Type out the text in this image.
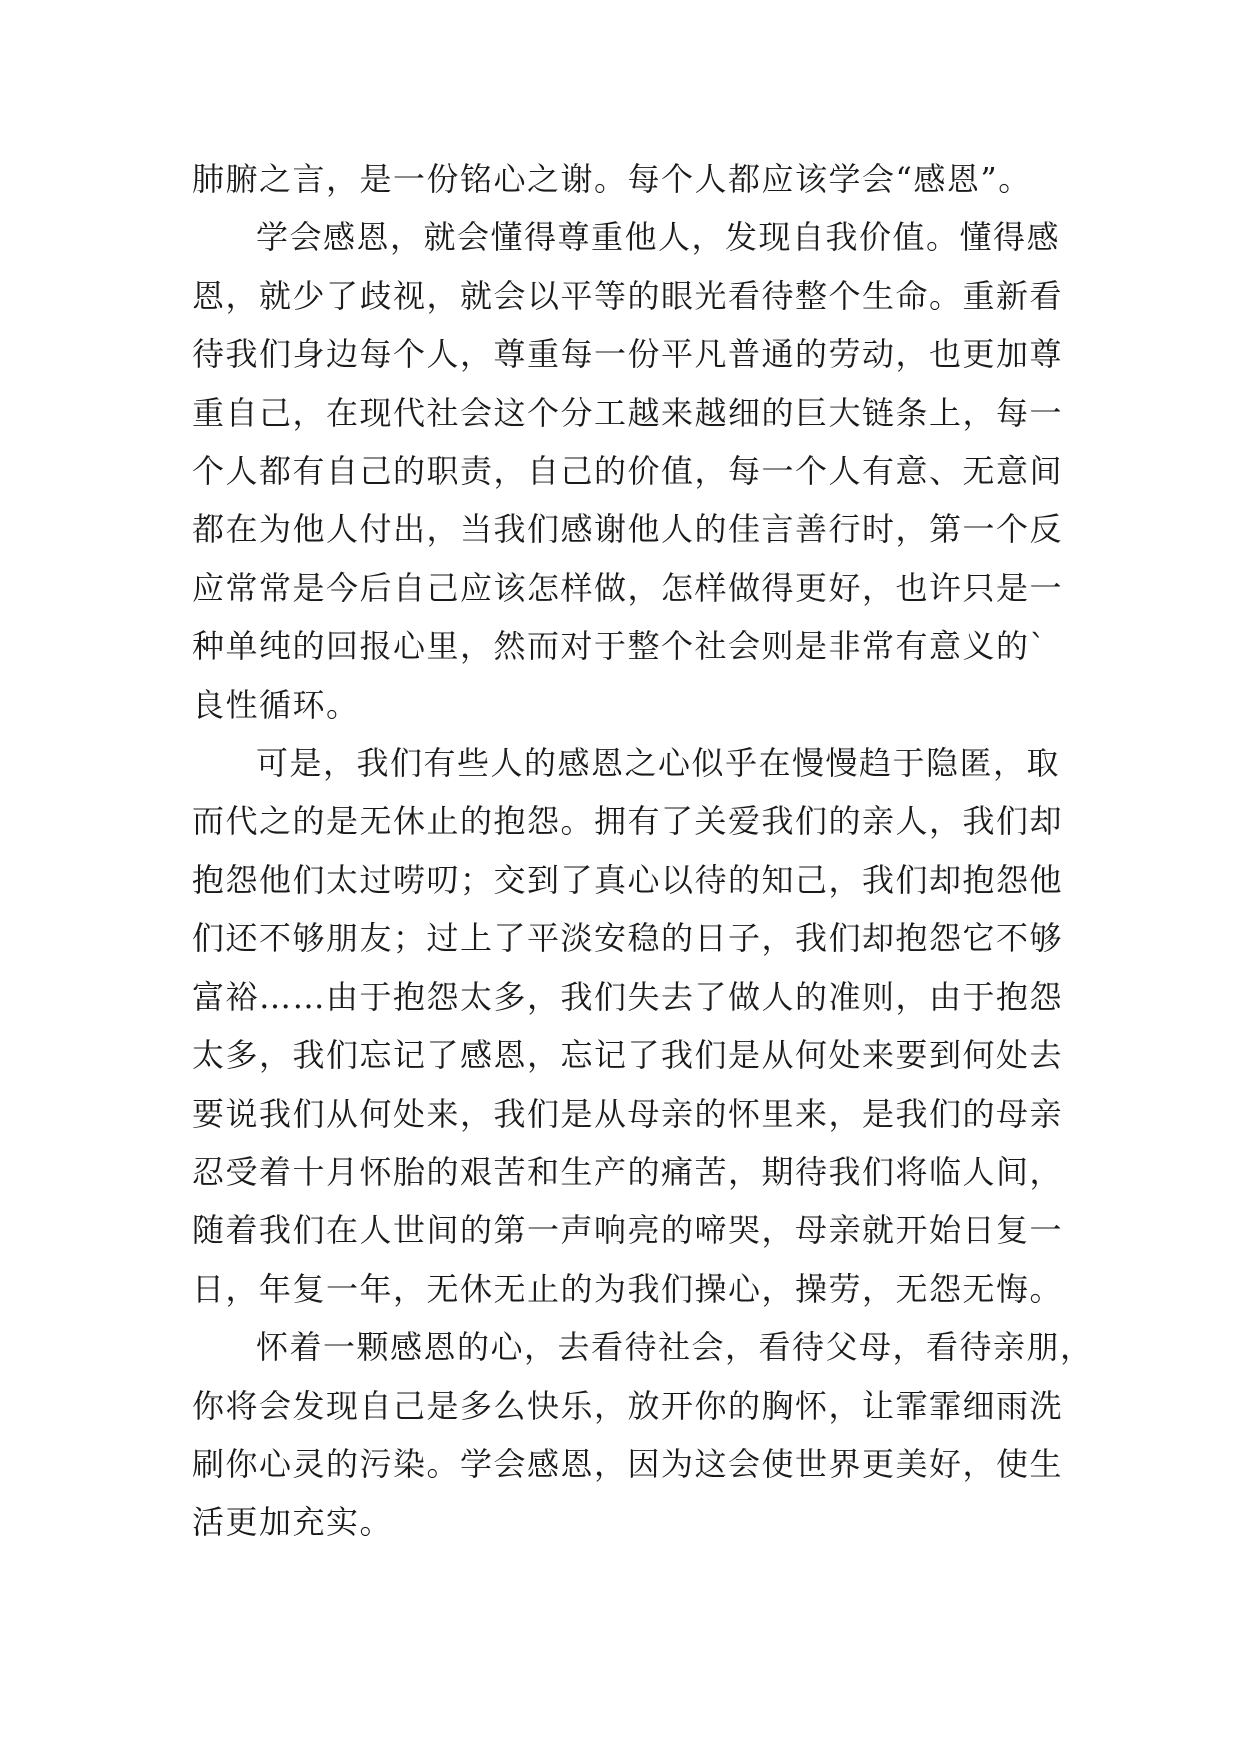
肺腑之言，是一份铭心之谢。每个人都应该学会“感恩”。

学会感恩，就会懂得尊重他人，发现自我价值。懂得感
恩，就少了歧视，就会以平等的眼光看待整个生命。重新看
待我们身边每个人，尊重每一份平凡普通的劳动，也更加尊
重自己，在现代社会这个分工越来越细的巨大链条上，每一
个人都有自己的职责，自己的价值，每一个人有意、无意间
都在为他人付出，当我们感谢他人的佳言善行时，第一个反
应常常是今后自己应该怎样做，怎样做得更好，也许只是一
种单纯的回报心里，然而对于整个社会则是非常有意义的`
良性循环。

可是，我们有些人的感恩之心似乎在慢慢趋于隐匿，取
而代之的是无休止的抱怨。拥有了关爱我们的亲人，我们却
抱怨他们太过唠叨；交到了真心以待的知己，我们却抱怨他
们还不够朋友；过上了平淡安稳的日子，我们却抱怨它不够
富裕……由于抱怨太多，我们失去了做人的准则，由于抱怨
太多，我们忘记了感恩，忘记了我们是从何处来要到何处去
要说我们从何处来，我们是从母亲的怀里来，是我们的母亲
忍受着十月怀胎的艰苦和生产的痛苦，期待我们将临人间，
随着我们在人世间的第一声响亮的啼哭，母亲就开始日复一
日，年复一年，无休无止的为我们操心，操劳，无怨无悔。

怀着一颗感恩的心，去看待社会，看待父母，看待亲朋，
你将会发现自己是多么快乐，放开你的胸怀，让霏霏细雨洗
刷你心灵的污染。学会感恩，因为这会使世界更美好，使生
活更加充实。
